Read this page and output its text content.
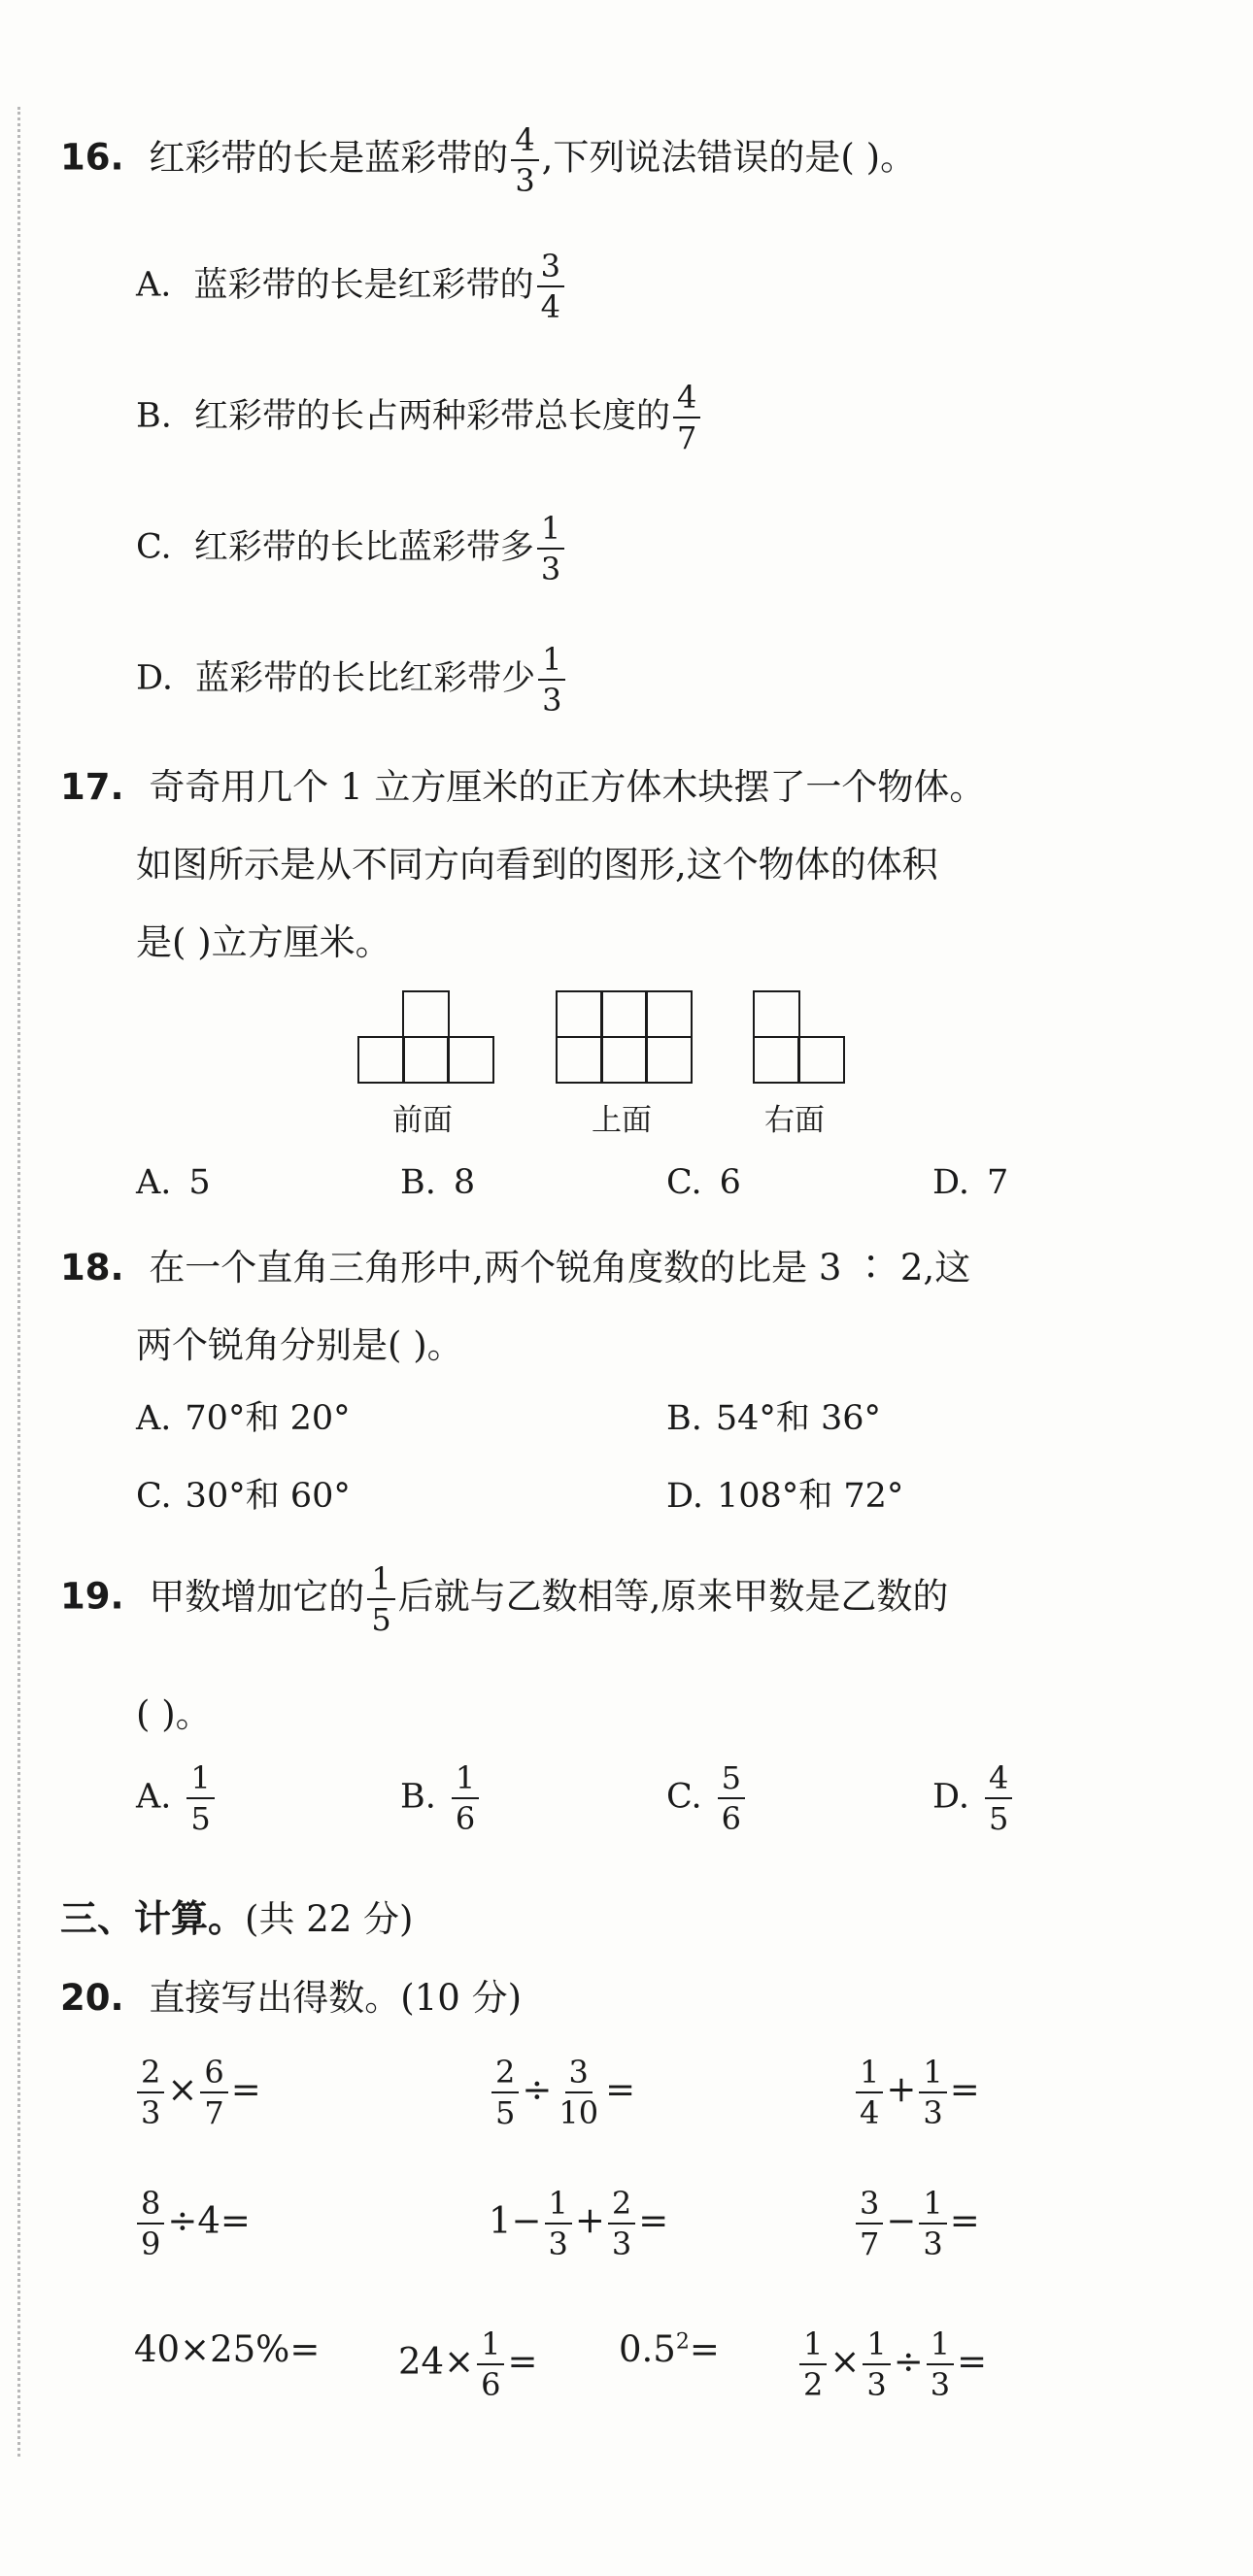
16. 红彩带的长是蓝彩带的 $\frac{4}{3}$ ,下列说法错误的是( )。
A. 蓝彩带的长是红彩带的 $\frac{3}{4}$
B. 红彩带的长占两种彩带总长度的 $\frac{4}{7}$
C. 红彩带的长比蓝彩带多 $\frac{1}{3}$
D. 蓝彩带的长比红彩带少 $\frac{1}{3}$
17. 奇奇用几个 1 立方厘米的正方体木块摆了一个物体。
如图所示是从不同方向看到的图形,这个物体的体积
是( )立方厘米。
前面	上面	右面
A. 5	B. 8	C. 6	D. 7
18. 在一个直角三角形中,两个锐角度数的比是 3 ∶ 2,这
两个锐角分别是( )。
A. 70°和 20°	B. 54°和 36°
C. 30°和 60°	D. 108°和 72°
19. 甲数增加它的 $\frac{1}{5}$ 后就与乙数相等,原来甲数是乙数的
( )。
A. $\frac{1}{5}$	B. $\frac{1}{6}$	C. $\frac{5}{6}$	D. $\frac{4}{5}$
三、计算。(共 22 分)
20. 直接写出得数。(10 分)
$\frac{2}{3} \times \frac{6}{7}$ =	$\frac{2}{5} \div \frac{3}{10}$ =	$\frac{1}{4} + \frac{1}{3}$ =
$\frac{8}{9} \div 4=$	$1- \frac{1}{3} + \frac{2}{3}$ =	$\frac{3}{7} - \frac{1}{3}$ =
$40\times 25\%= 24\times \frac{1}{6} = 0.5^2=$	$\frac{1}{2} \times \frac{1}{3} \div \frac{1}{3}$ =
